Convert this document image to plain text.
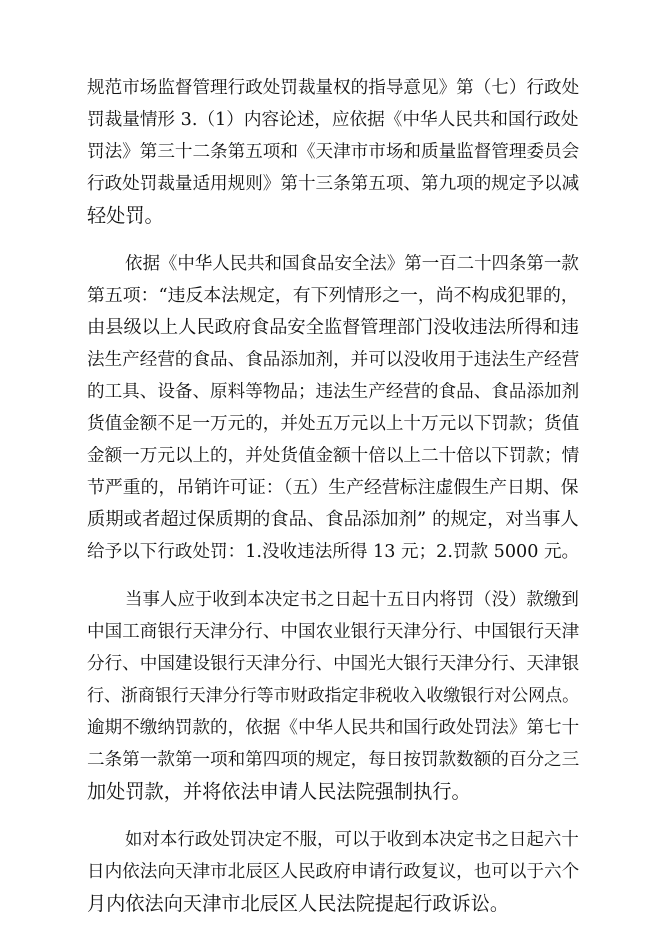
规范市场监督管理行政处罚裁量权的指导意见》第（七）行政处
罚裁量情形 3.（1）内容论述，应依据《中华人民共和国行政处
罚法》第三十二条第五项和《天津市市场和质量监督管理委员会
行政处罚裁量适用规则》第十三条第五项、第九项的规定予以减
轻处罚。

依据《中华人民共和国食品安全法》第一百二十四条第一款
第五项：“违反本法规定，有下列情形之一，尚不构成犯罪的，
由县级以上人民政府食品安全监督管理部门没收违法所得和违
法生产经营的食品、食品添加剂，并可以没收用于违法生产经营
的工具、设备、原料等物品；违法生产经营的食品、食品添加剂
货值金额不足一万元的，并处五万元以上十万元以下罚款；货值
金额一万元以上的，并处货值金额十倍以上二十倍以下罚款；情
节严重的，吊销许可证：（五）生产经营标注虚假生产日期、保
质期或者超过保质期的食品、食品添加剂” 的规定，对当事人
给予以下行政处罚：1.没收违法所得 13 元；2.罚款 5000 元。

当事人应于收到本决定书之日起十五日内将罚（没）款缴到
中国工商银行天津分行、中国农业银行天津分行、中国银行天津
分行、中国建设银行天津分行、中国光大银行天津分行、天津银
行、浙商银行天津分行等市财政指定非税收入收缴银行对公网点。
逾期不缴纳罚款的，依据《中华人民共和国行政处罚法》第七十
二条第一款第一项和第四项的规定，每日按罚款数额的百分之三
加处罚款，并将依法申请人民法院强制执行。

如对本行政处罚决定不服，可以于收到本决定书之日起六十
日内依法向天津市北辰区人民政府申请行政复议，也可以于六个
月内依法向天津市北辰区人民法院提起行政诉讼。
